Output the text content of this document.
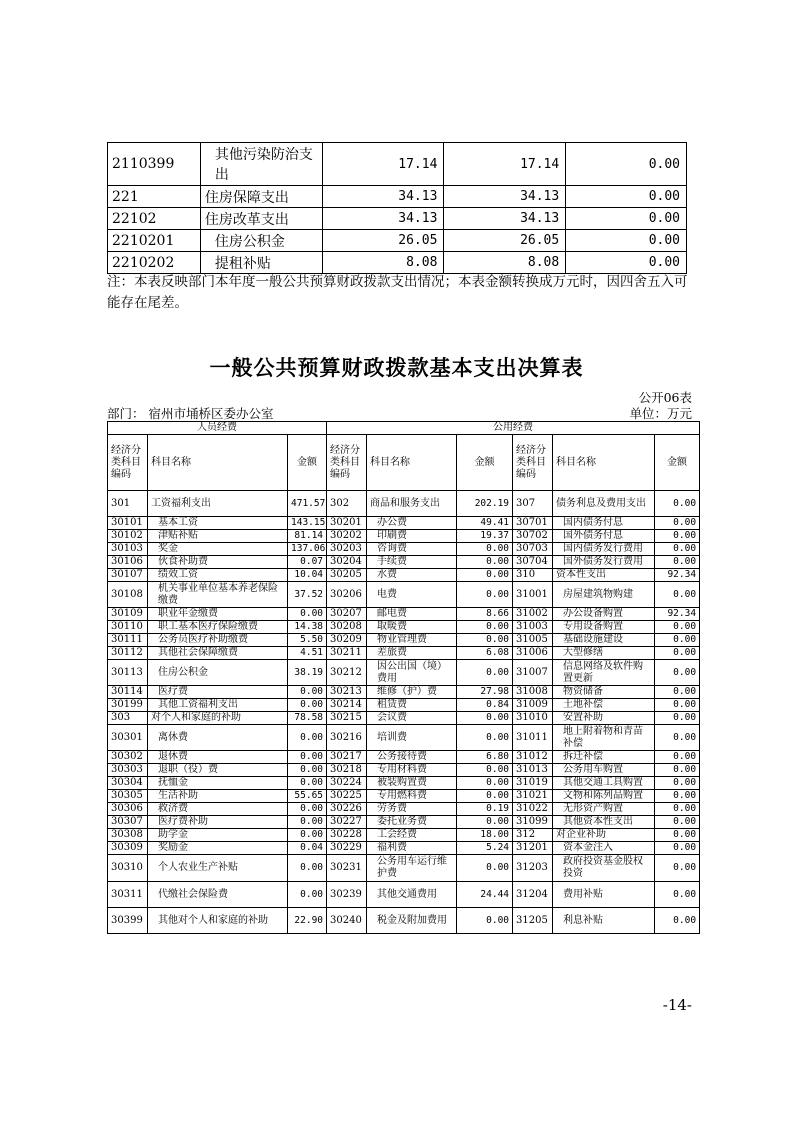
2110399	其他污染防治支出	17.14	17.14	0.00
221	住房保障支出	34.13	34.13	0.00
22102	住房改革支出	34.13	34.13	0.00
2210201	住房公积金	26.05	26.05	0.00
2210202	提租补贴	8.08	8.08	0.00
注：本表反映部门本年度一般公共预算财政拨款支出情况；本表金额转换成万元时，因四舍五入可能存在尾差。
一般公共预算财政拨款基本支出决算表
公开06表
部门： 宿州市埇桥区委办公室	单位：万元
人员经费			公用经费					
经济分类科目编码	科目名称	金额	经济分类科目编码	科目名称	金额	经济分类科目编码	科目名称	金额
301	工资福利支出	471.57	302	商品和服务支出	202.19	307	债务利息及费用支出	0.00
30101	基本工资	143.15	30201	办公费	49.41	30701	国内债务付息	0.00
30102	津贴补贴	81.14	30202	印刷费	19.37	30702	国外债务付息	0.00
30103	奖金	137.06	30203	咨询费	0.00	30703	国内债务发行费用	0.00
30106	伙食补助费	0.07	30204	手续费	0.00	30704	国外债务发行费用	0.00
30107	绩效工资	10.04	30205	水费	0.00	310	资本性支出	92.34
30108	机关事业单位基本养老保险缴费	37.52	30206	电费	0.00	31001	房屋建筑物购建	0.00
30109	职业年金缴费	0.00	30207	邮电费	8.66	31002	办公设备购置	92.34
30110	职工基本医疗保险缴费	14.38	30208	取暖费	0.00	31003	专用设备购置	0.00
30111	公务员医疗补助缴费	5.50	30209	物业管理费	0.00	31005	基础设施建设	0.00
30112	其他社会保障缴费	4.51	30211	差旅费	6.08	31006	大型修缮	0.00
30113	住房公积金	38.19	30212	因公出国（境）费用	0.00	31007	信息网络及软件购置更新	0.00
30114	医疗费	0.00	30213	维修（护）费	27.98	31008	物资储备	0.00
30199	其他工资福利支出	0.00	30214	租赁费	0.84	31009	土地补偿	0.00
303	对个人和家庭的补助	78.58	30215	会议费	0.00	31010	安置补助	0.00
30301	离休费	0.00	30216	培训费	0.00	31011	地上附着物和青苗补偿	0.00
30302	退休费	0.00	30217	公务接待费	6.80	31012	拆迁补偿	0.00
30303	退职（役）费	0.00	30218	专用材料费	0.00	31013	公务用车购置	0.00
30304	抚恤金	0.00	30224	被装购置费	0.00	31019	其他交通工具购置	0.00
30305	生活补助	55.65	30225	专用燃料费	0.00	31021	文物和陈列品购置	0.00
30306	救济费	0.00	30226	劳务费	0.19	31022	无形资产购置	0.00
30307	医疗费补助	0.00	30227	委托业务费	0.00	31099	其他资本性支出	0.00
30308	助学金	0.00	30228	工会经费	18.00	312	对企业补助	0.00
30309	奖励金	0.04	30229	福利费	5.24	31201	资本金注入	0.00
30310	个人农业生产补贴	0.00	30231	公务用车运行维护费	0.00	31203	政府投资基金股权投资	0.00
30311	代缴社会保险费	0.00	30239	其他交通费用	24.44	31204	费用补贴	0.00
30399	其他对个人和家庭的补助	22.90	30240	税金及附加费用	0.00	31205	利息补贴	0.00
-14-
